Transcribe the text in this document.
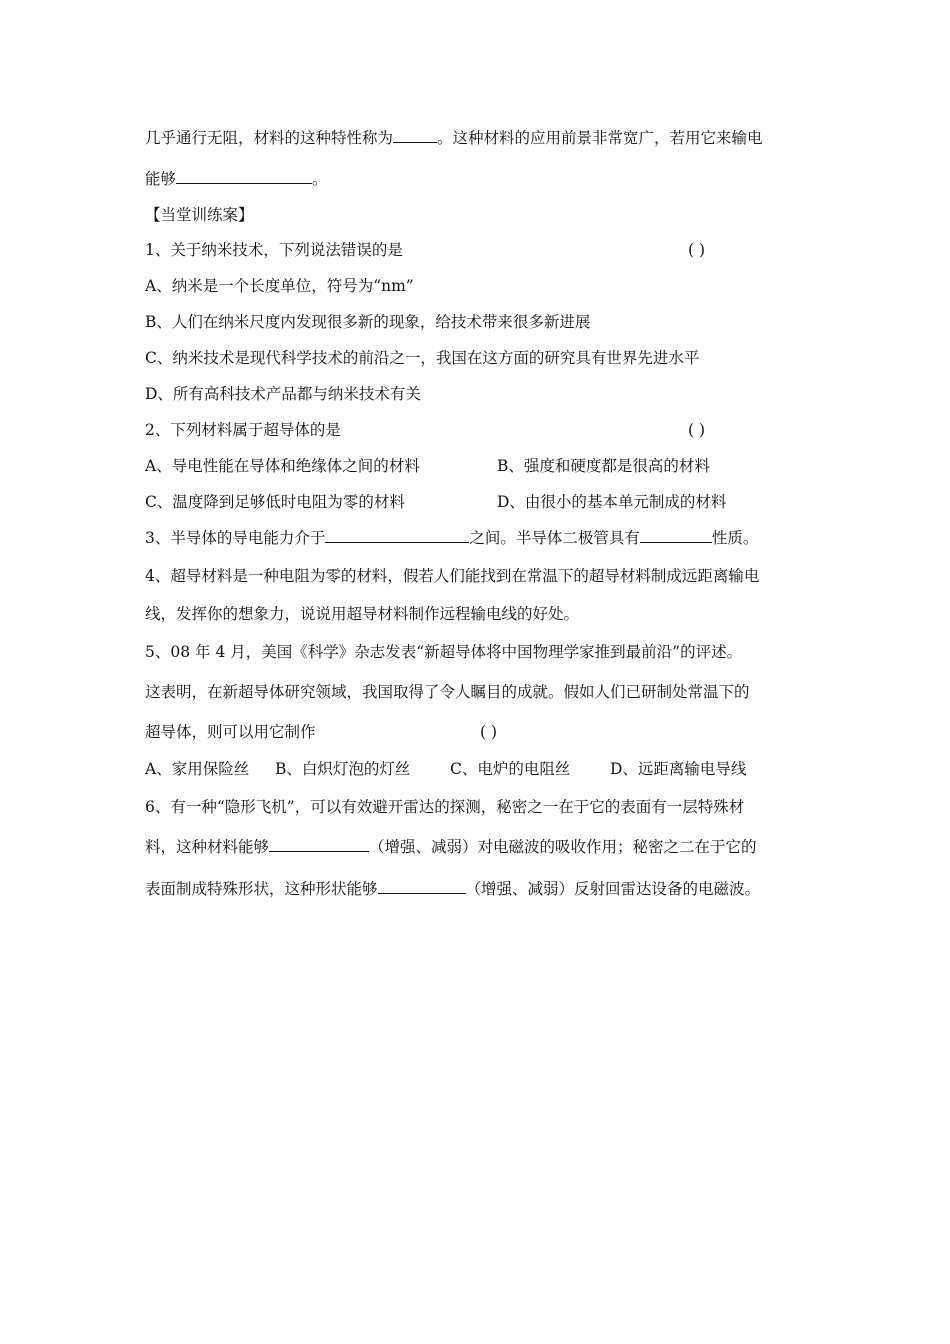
几乎通行无阻，材料的这种特性称为	。这种材料的应用前景非常宽广，若用它来输电
能够	。
【当堂训练案】
1、关于纳米技术，下列说法错误的是	( )
A、纳米是一个长度单位，符号为“nm”
B、人们在纳米尺度内发现很多新的现象，给技术带来很多新进展
C、纳米技术是现代科学技术的前沿之一，我国在这方面的研究具有世界先进水平
D、所有高科技术产品都与纳米技术有关
2、下列材料属于超导体的是	( )
A、导电性能在导体和绝缘体之间的材料	B、强度和硬度都是很高的材料
C、温度降到足够低时电阻为零的材料	D、由很小的基本单元制成的材料
3、半导体的导电能力介于	之间。半导体二极管具有	性质。
4、超导材料是一种电阻为零的材料，假若人们能找到在常温下的超导材料制成远距离输电
线，发挥你的想象力，说说用超导材料制作远程输电线的好处。
5、08 年 4 月，美国《科学》杂志发表“新超导体将中国物理学家推到最前沿”的评述。
这表明，在新超导体研究领域，我国取得了令人瞩目的成就。假如人们已研制处常温下的
超导体，则可以用它制作	( )
A、家用保险丝 B、白炽灯泡的灯丝	C、电炉的电阻丝	D、远距离输电导线
6、有一种“隐形飞机”，可以有效避开雷达的探测，秘密之一在于它的表面有一层特殊材
料，这种材料能够	（增强、减弱）对电磁波的吸收作用；秘密之二在于它的
表面制成特殊形状，这种形状能够	（增强、减弱）反射回雷达设备的电磁波。
